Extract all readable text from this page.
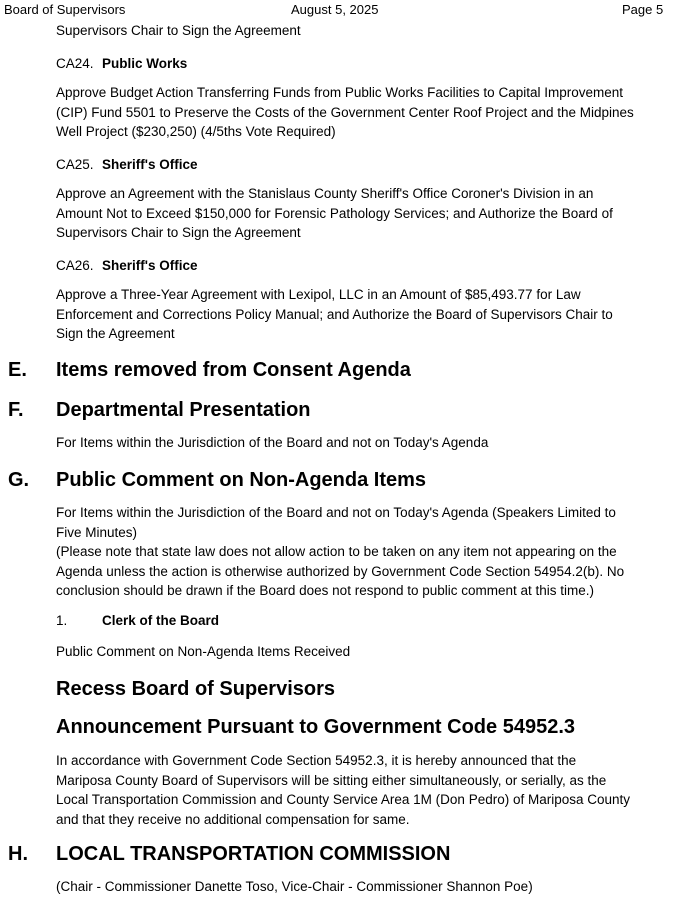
Board of Supervisors	August 5, 2025	Page 5
Supervisors Chair to Sign the Agreement
CA24. Public Works
Approve Budget Action Transferring Funds from Public Works Facilities to Capital Improvement
(CIP) Fund 5501 to Preserve the Costs of the Government Center Roof Project and the Midpines
Well Project ($230,250) (4/5ths Vote Required)
CA25. Sheriff's Office
Approve an Agreement with the Stanislaus County Sheriff's Office Coroner's Division in an
Amount Not to Exceed $150,000 for Forensic Pathology Services; and Authorize the Board of
Supervisors Chair to Sign the Agreement
CA26. Sheriff's Office
Approve a Three-Year Agreement with Lexipol, LLC in an Amount of $85,493.77 for Law
Enforcement and Corrections Policy Manual; and Authorize the Board of Supervisors Chair to
Sign the Agreement
E. Items removed from Consent Agenda
F. Departmental Presentation
For Items within the Jurisdiction of the Board and not on Today's Agenda
G. Public Comment on Non-Agenda Items
For Items within the Jurisdiction of the Board and not on Today's Agenda (Speakers Limited to
Five Minutes)
(Please note that state law does not allow action to be taken on any item not appearing on the
Agenda unless the action is otherwise authorized by Government Code Section 54954.2(b). No
conclusion should be drawn if the Board does not respond to public comment at this time.)
1.	Clerk of the Board
Public Comment on Non-Agenda Items Received
Recess Board of Supervisors
Announcement Pursuant to Government Code 54952.3
In accordance with Government Code Section 54952.3, it is hereby announced that the
Mariposa County Board of Supervisors will be sitting either simultaneously, or serially, as the
Local Transportation Commission and County Service Area 1M (Don Pedro) of Mariposa County
and that they receive no additional compensation for same.
H. LOCAL TRANSPORTATION COMMISSION
(Chair - Commissioner Danette Toso, Vice-Chair - Commissioner Shannon Poe)
